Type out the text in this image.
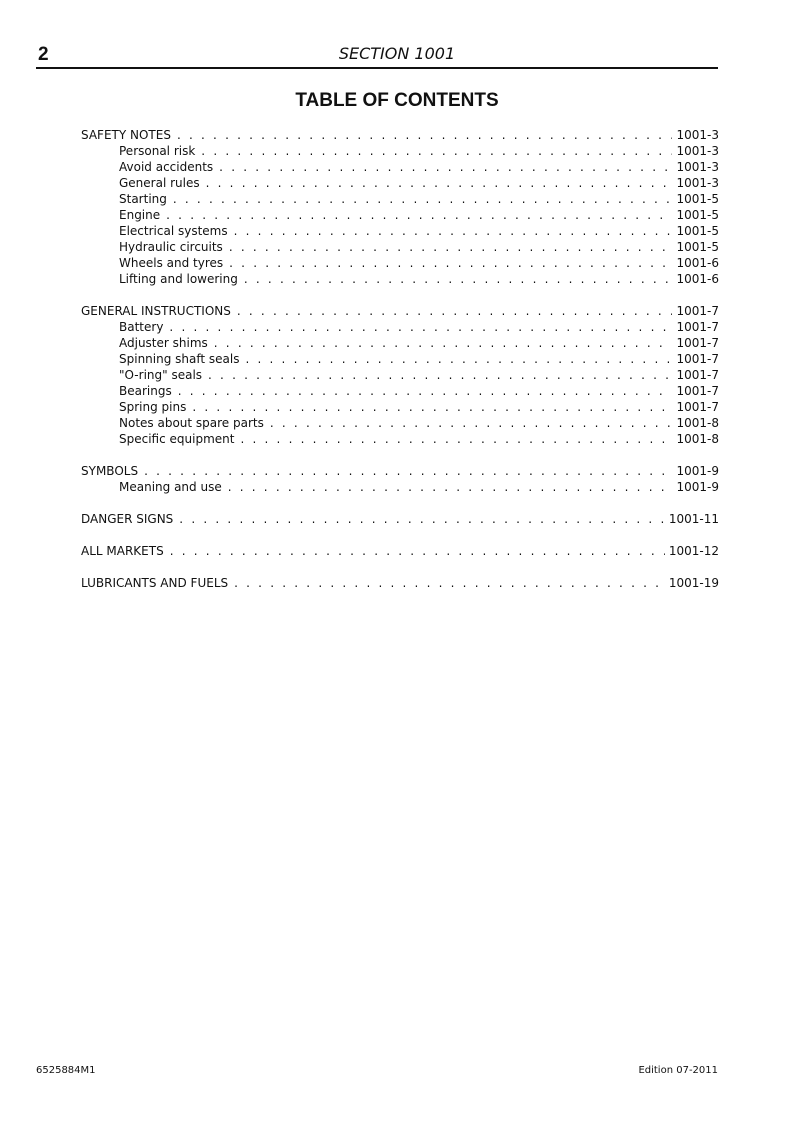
2	SECTION 1001
TABLE OF CONTENTS
SAFETY NOTES . . .	1001-3
Personal risk . . .	1001-3
Avoid accidents . . .	1001-3
General rules . . .	1001-3
Starting . . .	1001-5
Engine . . .	1001-5
Electrical systems . . .	1001-5
Hydraulic circuits . . .	1001-5
Wheels and tyres . . .	1001-6
Lifting and lowering . . .	1001-6
GENERAL INSTRUCTIONS . . .	1001-7
Battery . . .	1001-7
Adjuster shims . . .	1001-7
Spinning shaft seals . . .	1001-7
"O-ring" seals . . .	1001-7
Bearings . . .	1001-7
Spring pins . . .	1001-7
Notes about spare parts . . .	1001-8
Specific equipment . . .	1001-8
SYMBOLS . . .	1001-9
Meaning and use . . .	1001-9
DANGER SIGNS . . .	1001-11
ALL MARKETS . . .	1001-12
LUBRICANTS AND FUELS . . .	1001-19
6525884M1	Edition 07-2011
